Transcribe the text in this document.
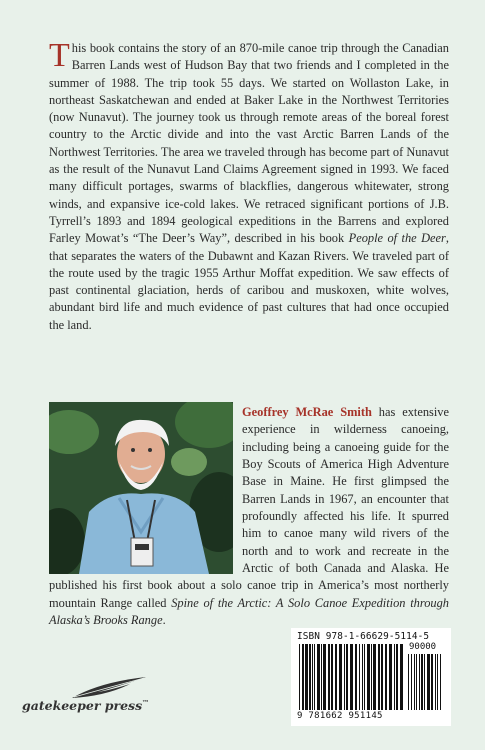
This book contains the story of an 870-mile canoe trip through the Canadian Barren Lands west of Hudson Bay that two friends and I completed in the summer of 1988. The trip took 55 days. We started on Wollaston Lake, in northeast Saskatchewan and ended at Baker Lake in the Northwest Territories (now Nunavut). The journey took us through remote areas of the boreal forest country to the Arctic divide and into the vast Arctic Barren Lands of the Northwest Territories. The area we traveled through has become part of Nunavut as the result of the Nunavut Land Claims Agreement signed in 1993. We faced many difficult portages, swarms of blackflies, dangerous whitewater, strong winds, and expansive ice-cold lakes. We retraced significant portions of J.B. Tyrrell’s 1893 and 1894 geological expeditions in the Barrens and explored Farley Mowat’s “The Deer’s Way”, described in his book People of the Deer, that separates the waters of the Dubawnt and Kazan Rivers. We traveled part of the route used by the tragic 1955 Arthur Moffat expedition. We saw effects of past continental glaciation, herds of caribou and muskoxen, white wolves, abundant bird life and much evidence of past cultures that had once occupied the land.

Geoffrey McRae Smith has extensive experience in wilderness canoeing, including being a canoeing guide for the Boy Scouts of America High Adventure Base in Maine. He first glimpsed the Barren Lands in 1967, an encounter that profoundly affected his life. It spurred him to canoe many wild rivers of the north and to work and recreate in the Arctic of both Canada and Alaska. He published his first book about a solo canoe trip in America’s most northerly mountain Range called Spine of the Arctic: A Solo Canoe Expedition through Alaska’s Brooks Range.

gatekeeper press™
ISBN 978-1-66629-5114-5
90000
9 781662 951145
